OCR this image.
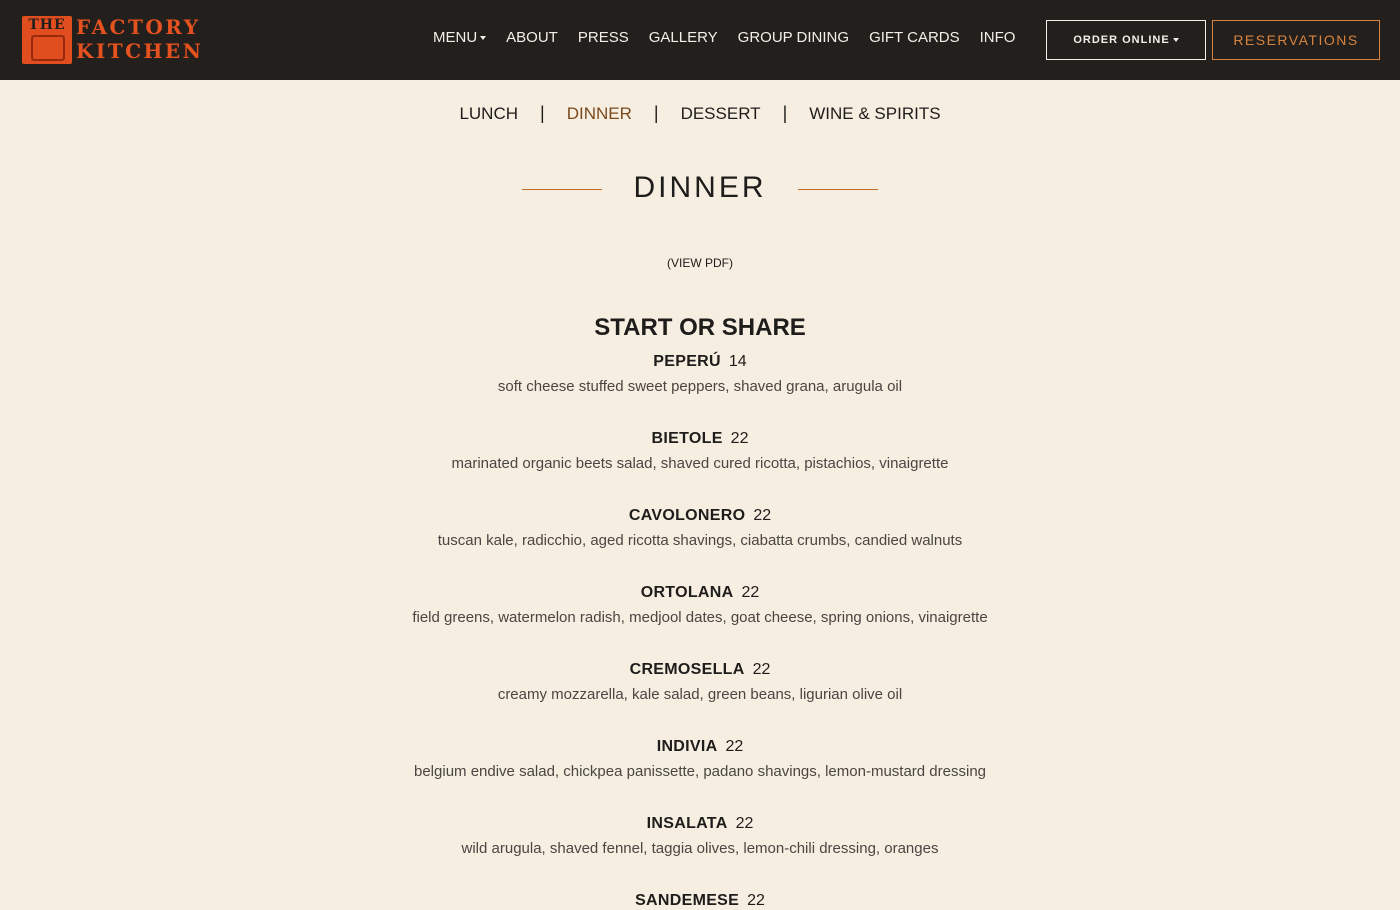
THE FACTORY
KITCHEN
MENU	ABOUT PRESS GALLERY GROUP DINING GIFT CARDS INFO	ORDER ONLINE	RESERVATIONS
LUNCH | DINNER | DESSERT | WINE & SPIRITS
DINNER
(VIEW PDF)
START OR SHARE
PEPERÚ 14
soft cheese stuffed sweet peppers, shaved grana, arugula oil
BIETOLE 22
marinated organic beets salad, shaved cured ricotta, pistachios, vinaigrette
CAVOLONERO 22
tuscan kale, radicchio, aged ricotta shavings, ciabatta crumbs, candied walnuts
ORTOLANA 22
field greens, watermelon radish, medjool dates, goat cheese, spring onions, vinaigrette
CREMOSELLA 22
creamy mozzarella, kale salad, green beans, ligurian olive oil
INDIVIA 22
belgium endive salad, chickpea panissette, padano shavings, lemon-mustard dressing
INSALATA 22
wild arugula, shaved fennel, taggia olives, lemon-chili dressing, oranges
SANDEMESE 22
